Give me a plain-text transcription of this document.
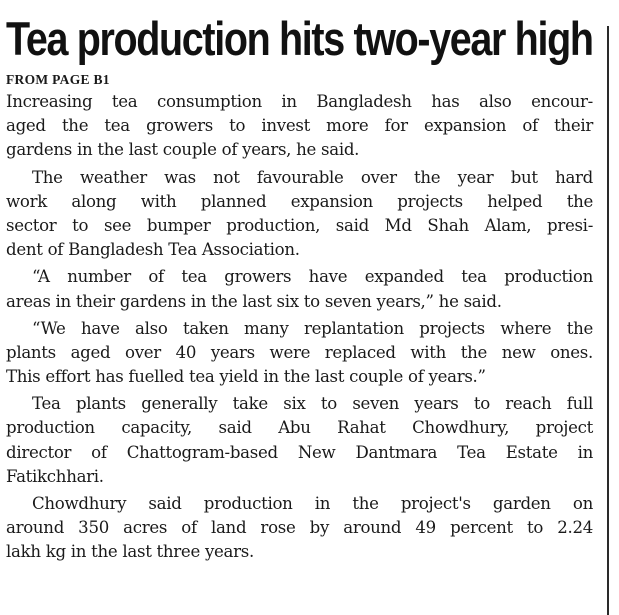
Tea production hits two-year high
FROM PAGE B1
Increasing tea consumption in Bangladesh has also encour-
aged the tea growers to invest more for expansion of their
gardens in the last couple of years, he said.
The weather was not favourable over the year but hard
work along with planned expansion projects helped the
sector to see bumper production, said Md Shah Alam, presi-
dent of Bangladesh Tea Association.
“A number of tea growers have expanded tea production
areas in their gardens in the last six to seven years,” he said.
“We have also taken many replantation projects where the
plants aged over 40 years were replaced with the new ones.
This effort has fuelled tea yield in the last couple of years.”
Tea plants generally take six to seven years to reach full
production capacity, said Abu Rahat Chowdhury, project
director of Chattogram-based New Dantmara Tea Estate in
Fatikchhari.
Chowdhury said production in the project's garden on
around 350 acres of land rose by around 49 percent to 2.24
lakh kg in the last three years.
